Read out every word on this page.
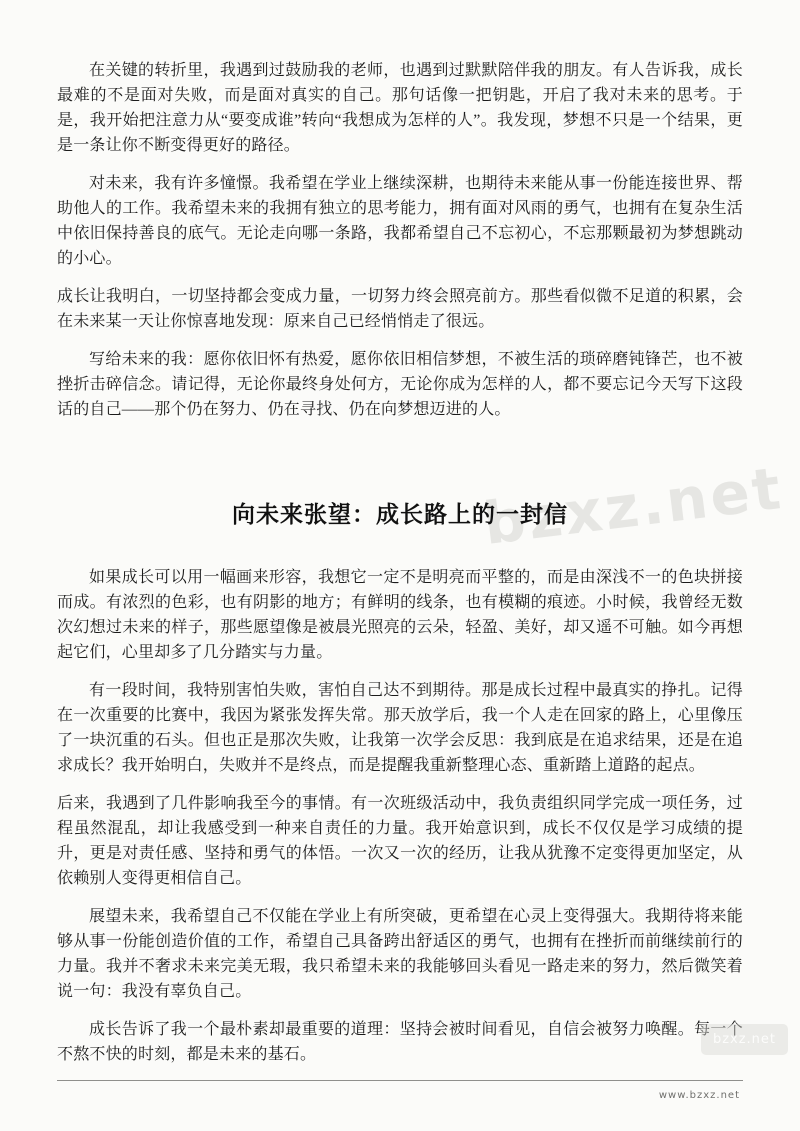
bzxz.net

在关键的转折里，我遇到过鼓励我的老师，也遇到过默默陪伴我的朋友。有人告诉我，成长最难的不是面对失败，而是面对真实的自己。那句话像一把钥匙，开启了我对未来的思考。于是，我开始把注意力从“要变成谁”转向“我想成为怎样的人”。我发现，梦想不只是一个结果，更是一条让你不断变得更好的路径。

对未来，我有许多憧憬。我希望在学业上继续深耕，也期待未来能从事一份能连接世界、帮助他人的工作。我希望未来的我拥有独立的思考能力，拥有面对风雨的勇气，也拥有在复杂生活中依旧保持善良的底气。无论走向哪一条路，我都希望自己不忘初心，不忘那颗最初为梦想跳动的小心。

成长让我明白，一切坚持都会变成力量，一切努力终会照亮前方。那些看似微不足道的积累，会在未来某一天让你惊喜地发现：原来自己已经悄悄走了很远。

写给未来的我：愿你依旧怀有热爱，愿你依旧相信梦想，不被生活的琐碎磨钝锋芒，也不被挫折击碎信念。请记得，无论你最终身处何方，无论你成为怎样的人，都不要忘记今天写下这段话的自己——那个仍在努力、仍在寻找、仍在向梦想迈进的人。

向未来张望：成长路上的一封信

如果成长可以用一幅画来形容，我想它一定不是明亮而平整的，而是由深浅不一的色块拼接而成。有浓烈的色彩，也有阴影的地方；有鲜明的线条，也有模糊的痕迹。小时候，我曾经无数次幻想过未来的样子，那些愿望像是被晨光照亮的云朵，轻盈、美好，却又遥不可触。如今再想起它们，心里却多了几分踏实与力量。

有一段时间，我特别害怕失败，害怕自己达不到期待。那是成长过程中最真实的挣扎。记得在一次重要的比赛中，我因为紧张发挥失常。那天放学后，我一个人走在回家的路上，心里像压了一块沉重的石头。但也正是那次失败，让我第一次学会反思：我到底是在追求结果，还是在追求成长？我开始明白，失败并不是终点，而是提醒我重新整理心态、重新踏上道路的起点。

后来，我遇到了几件影响我至今的事情。有一次班级活动中，我负责组织同学完成一项任务，过程虽然混乱，却让我感受到一种来自责任的力量。我开始意识到，成长不仅仅是学习成绩的提升，更是对责任感、坚持和勇气的体悟。一次又一次的经历，让我从犹豫不定变得更加坚定，从依赖别人变得更相信自己。

展望未来，我希望自己不仅能在学业上有所突破，更希望在心灵上变得强大。我期待将来能够从事一份能创造价值的工作，希望自己具备跨出舒适区的勇气，也拥有在挫折而前继续前行的力量。我并不奢求未来完美无瑕，我只希望未来的我能够回头看见一路走来的努力，然后微笑着说一句：我没有辜负自己。

成长告诉了我一个最朴素却最重要的道理：坚持会被时间看见，自信会被努力唤醒。每一个不熬不快的时刻，都是未来的基石。

bzxz.net
www.bzxz.net
